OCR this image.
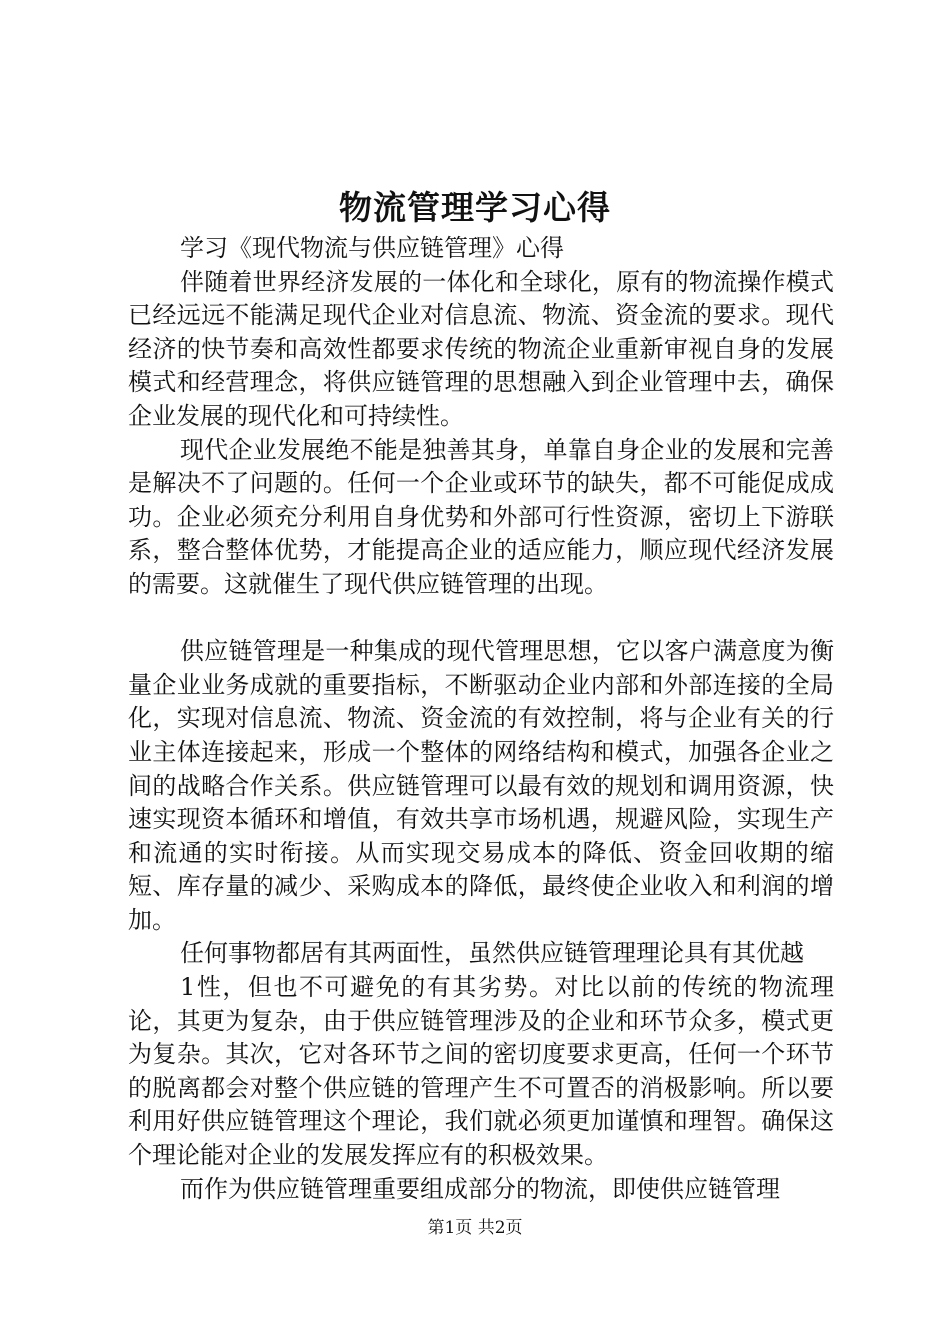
物流管理学习心得

学习《现代物流与供应链管理》心得

伴随着世界经济发展的一体化和全球化，原有的物流操作模式已经远远不能满足现代企业对信息流、物流、资金流的要求。现代经济的快节奏和高效性都要求传统的物流企业重新审视自身的发展模式和经营理念，将供应链管理的思想融入到企业管理中去，确保企业发展的现代化和可持续性。

现代企业发展绝不能是独善其身，单靠自身企业的发展和完善是解决不了问题的。任何一个企业或环节的缺失，都不可能促成成功。企业必须充分利用自身优势和外部可行性资源，密切上下游联系，整合整体优势，才能提高企业的适应能力，顺应现代经济发展的需要。这就催生了现代供应链管理的出现。

供应链管理是一种集成的现代管理思想，它以客户满意度为衡量企业业务成就的重要指标，不断驱动企业内部和外部连接的全局化，实现对信息流、物流、资金流的有效控制，将与企业有关的行业主体连接起来，形成一个整体的网络结构和模式，加强各企业之间的战略合作关系。供应链管理可以最有效的规划和调用资源，快速实现资本循环和增值，有效共享市场机遇，规避风险，实现生产和流通的实时衔接。从而实现交易成本的降低、资金回收期的缩短、库存量的减少、采购成本的降低，最终使企业收入和利润的增加。

任何事物都居有其两面性，虽然供应链管理理论具有其优越

1性，但也不可避免的有其劣势。对比以前的传统的物流理论，其更为复杂，由于供应链管理涉及的企业和环节众多，模式更为复杂。其次，它对各环节之间的密切度要求更高，任何一个环节的脱离都会对整个供应链的管理产生不可置否的消极影响。所以要利用好供应链管理这个理论，我们就必须更加谨慎和理智。确保这个理论能对企业的发展发挥应有的积极效果。

而作为供应链管理重要组成部分的物流，即使供应链管理

第1页 共2页
